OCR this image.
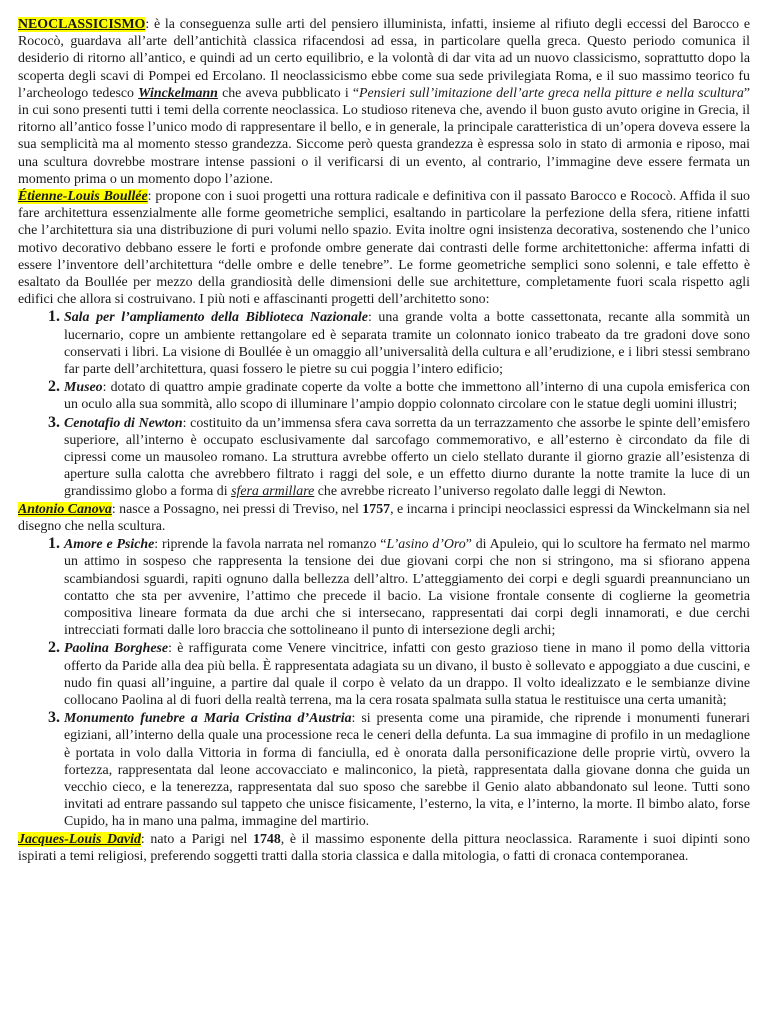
NEOCLASSICISMO: è la conseguenza sulle arti del pensiero illuminista, infatti, insieme al rifiuto degli eccessi del Barocco e Rococò, guardava all’arte dell’antichità classica rifacendosi ad essa, in particolare quella greca. Questo periodo comunica il desiderio di ritorno all’antico, e quindi ad un certo equilibrio, e la volontà di dar vita ad un nuovo classicismo, soprattutto dopo la scoperta degli scavi di Pompei ed Ercolano. Il neoclassicismo ebbe come sua sede privilegiata Roma, e il suo massimo teorico fu l’archeologo tedesco Winckelmann che aveva pubblicato i “Pensieri sull’imitazione dell’arte greca nella pitture e nella scultura” in cui sono presenti tutti i temi della corrente neoclassica. Lo studioso riteneva che, avendo il buon gusto avuto origine in Grecia, il ritorno all’antico fosse l’unico modo di rappresentare il bello, e in generale, la principale caratteristica di un’opera doveva essere la sua semplicità ma al momento stesso grandezza. Siccome però questa grandezza è espressa solo in stato di armonia e riposo, mai una scultura dovrebbe mostrare intense passioni o il verificarsi di un evento, al contrario, l’immagine deve essere fermata un momento prima o un momento dopo l’azione.

Étienne-Louis Boullée: propone con i suoi progetti una rottura radicale e definitiva con il passato Barocco e Rococò. Affida il suo fare architettura essenzialmente alle forme geometriche semplici, esaltando in particolare la perfezione della sfera, ritiene infatti che l’architettura sia una distribuzione di puri volumi nello spazio. Evita inoltre ogni insistenza decorativa, sostenendo che l’unico motivo decorativo debbano essere le forti e profonde ombre generate dai contrasti delle forme architettoniche: afferma infatti di essere l’inventore dell’architettura “delle ombre e delle tenebre”. Le forme geometriche semplici sono solenni, e tale effetto è esaltato da Boullée per mezzo della grandiosità delle dimensioni delle sue architetture, completamente fuori scala rispetto agli edifici che allora si costruivano. I più noti e affascinanti progetti dell’architetto sono:

1. Sala per l’ampliamento della Biblioteca Nazionale: una grande volta a botte cassettonata, recante alla sommità un lucernario, copre un ambiente rettangolare ed è separata tramite un colonnato ionico trabeato da tre gradoni dove sono conservati i libri. La visione di Boullée è un omaggio all’universalità della cultura e all’erudizione, e i libri stessi sembrano far parte dell’architettura, quasi fossero le pietre su cui poggia l’intero edificio;
2. Museo: dotato di quattro ampie gradinate coperte da volte a botte che immettono all’interno di una cupola emisferica con un oculo alla sua sommità, allo scopo di illuminare l’ampio doppio colonnato circolare con le statue degli uomini illustri;
3. Cenotafio di Newton: costituito da un’immensa sfera cava sorretta da un terrazzamento che assorbe le spinte dell’emisfero superiore, all’interno è occupato esclusivamente dal sarcofago commemorativo, e all’esterno è circondato da file di cipressi come un mausoleo romano. La struttura avrebbe offerto un cielo stellato durante il giorno grazie all’esistenza di aperture sulla calotta che avrebbero filtrato i raggi del sole, e un effetto diurno durante la notte tramite la luce di un grandissimo globo a forma di sfera armillare che avrebbe ricreato l’universo regolato dalle leggi di Newton.

Antonio Canova: nasce a Possagno, nei pressi di Treviso, nel 1757, e incarna i principi neoclassici espressi da Winckelmann sia nel disegno che nella scultura.

1. Amore e Psiche: riprende la favola narrata nel romanzo “L’asino d’Oro” di Apuleio, qui lo scultore ha fermato nel marmo un attimo in sospeso che rappresenta la tensione dei due giovani corpi che non si stringono, ma si sfiorano appena scambiandosi sguardi, rapiti ognuno dalla bellezza dell’altro. L’atteggiamento dei corpi e degli sguardi preannunciano un contatto che sta per avvenire, l’attimo che precede il bacio. La visione frontale consente di coglierne la geometria compositiva lineare formata da due archi che si intersecano, rappresentati dai corpi degli innamorati, e due cerchi intrecciati formati dalle loro braccia che sottolineano il punto di intersezione degli archi;
2. Paolina Borghese: è raffigurata come Venere vincitrice, infatti con gesto grazioso tiene in mano il pomo della vittoria offerto da Paride alla dea più bella. È rappresentata adagiata su un divano, il busto è sollevato e appoggiato a due cuscini, e nudo fin quasi all’inguine, a partire dal quale il corpo è velato da un drappo. Il volto idealizzato e le sembianze divine collocano Paolina al di fuori della realtà terrena, ma la cera rosata spalmata sulla statua le restituisce una certa umanità;
3. Monumento funebre a Maria Cristina d’Austria: si presenta come una piramide, che riprende i monumenti funerari egiziani, all’interno della quale una processione reca le ceneri della defunta. La sua immagine di profilo in un medaglione è portata in volo dalla Vittoria in forma di fanciulla, ed è onorata dalla personificazione delle proprie virtù, ovvero la fortezza, rappresentata dal leone accovacciato e malinconico, la pietà, rappresentata dalla giovane donna che guida un vecchio cieco, e la tenerezza, rappresentata dal suo sposo che sarebbe il Genio alato abbandonato sul leone. Tutti sono invitati ad entrare passando sul tappeto che unisce fisicamente, l’esterno, la vita, e l’interno, la morte. Il bimbo alato, forse Cupido, ha in mano una palma, immagine del martirio.

Jacques-Louis David: nato a Parigi nel 1748, è il massimo esponente della pittura neoclassica. Raramente i suoi dipinti sono ispirati a temi religiosi, preferendo soggetti tratti dalla storia classica e dalla mitologia, o fatti di cronaca contemporanea.
